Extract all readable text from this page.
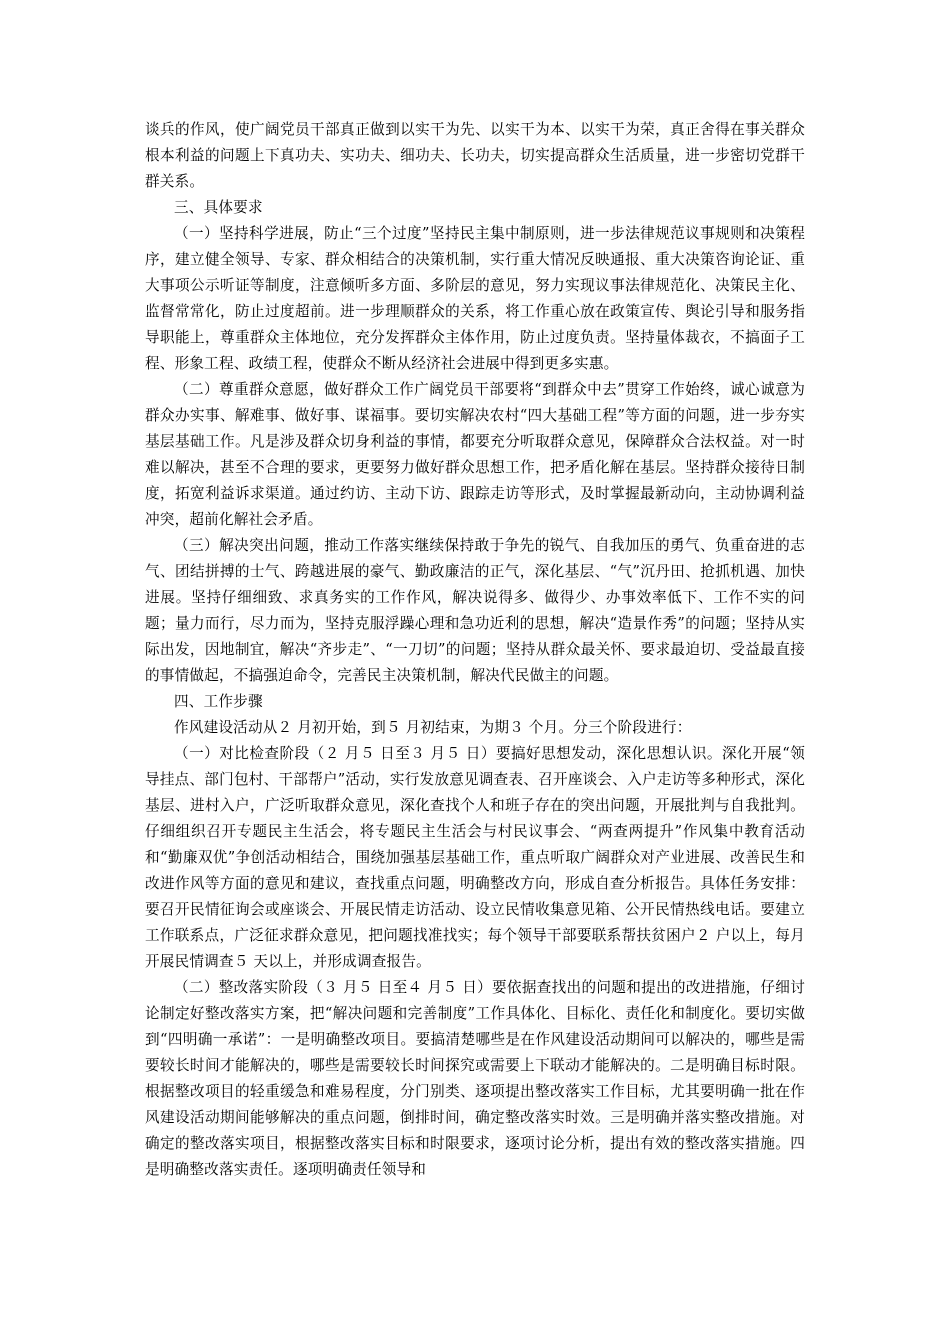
谈兵的作风，使广阔党员干部真正做到以实干为先、以实干为本、以实干为荣，真正舍得在事关群众根本利益的问题上下真功夫、实功夫、细功夫、长功夫，切实提高群众生活质量，进一步密切党群干群关系。

三、具体要求

（一）坚持科学进展，防止“三个过度”坚持民主集中制原则，进一步法律规范议事规则和决策程序，建立健全领导、专家、群众相结合的决策机制，实行重大情况反映通报、重大决策咨询论证、重大事项公示听证等制度，注意倾听多方面、多阶层的意见，努力实现议事法律规范化、决策民主化、监督常常化，防止过度超前。进一步理顺群众的关系，将工作重心放在政策宣传、舆论引导和服务指导职能上，尊重群众主体地位，充分发挥群众主体作用，防止过度负责。坚持量体裁衣，不搞面子工程、形象工程、政绩工程，使群众不断从经济社会进展中得到更多实惠。

（二）尊重群众意愿，做好群众工作广阔党员干部要将“到群众中去”贯穿工作始终，诚心诚意为群众办实事、解难事、做好事、谋福事。要切实解决农村“四大基础工程”等方面的问题，进一步夯实基层基础工作。凡是涉及群众切身利益的事情，都要充分听取群众意见，保障群众合法权益。对一时难以解决，甚至不合理的要求，更要努力做好群众思想工作，把矛盾化解在基层。坚持群众接待日制度，拓宽利益诉求渠道。通过约访、主动下访、跟踪走访等形式，及时掌握最新动向，主动协调利益冲突，超前化解社会矛盾。

（三）解决突出问题，推动工作落实继续保持敢于争先的锐气、自我加压的勇气、负重奋进的志气、团结拼搏的士气、跨越进展的豪气、勤政廉洁的正气，深化基层、“气”沉丹田、抢抓机遇、加快进展。坚持仔细细致、求真务实的工作作风，解决说得多、做得少、办事效率低下、工作不实的问题；量力而行，尽力而为，坚持克服浮躁心理和急功近利的思想，解决“造景作秀”的问题；坚持从实际出发，因地制宜，解决“齐步走”、“一刀切”的问题；坚持从群众最关怀、要求最迫切、受益最直接的事情做起，不搞强迫命令，完善民主决策机制，解决代民做主的问题。

四、工作步骤

作风建设活动从２ 月初开始，到５ 月初结束，为期３ 个月。分三个阶段进行：

（一）对比检查阶段（２ 月５ 日至３ 月５ 日）要搞好思想发动，深化思想认识。深化开展“领导挂点、部门包村、干部帮户”活动，实行发放意见调查表、召开座谈会、入户走访等多种形式，深化基层、进村入户，广泛听取群众意见，深化查找个人和班子存在的突出问题，开展批判与自我批判。仔细组织召开专题民主生活会，将专题民主生活会与村民议事会、“两查两提升”作风集中教育活动和“勤廉双优”争创活动相结合，围绕加强基层基础工作，重点听取广阔群众对产业进展、改善民生和改进作风等方面的意见和建议，查找重点问题，明确整改方向，形成自查分析报告。具体任务安排：要召开民情征询会或座谈会、开展民情走访活动、设立民情收集意见箱、公开民情热线电话。要建立工作联系点，广泛征求群众意见，把问题找准找实；每个领导干部要联系帮扶贫困户２ 户以上，每月开展民情调查５ 天以上，并形成调查报告。

（二）整改落实阶段（３ 月５ 日至４ 月５ 日）要依据查找出的问题和提出的改进措施，仔细讨论制定好整改落实方案，把“解决问题和完善制度”工作具体化、目标化、责任化和制度化。要切实做到“四明确一承诺”：一是明确整改项目。要搞清楚哪些是在作风建设活动期间可以解决的，哪些是需要较长时间才能解决的，哪些是需要较长时间探究或需要上下联动才能解决的。二是明确目标时限。根据整改项目的轻重缓急和难易程度，分门别类、逐项提出整改落实工作目标，尤其要明确一批在作风建设活动期间能够解决的重点问题，倒排时间，确定整改落实时效。三是明确并落实整改措施。对确定的整改落实项目，根据整改落实目标和时限要求，逐项讨论分析，提出有效的整改落实措施。四是明确整改落实责任。逐项明确责任领导和
